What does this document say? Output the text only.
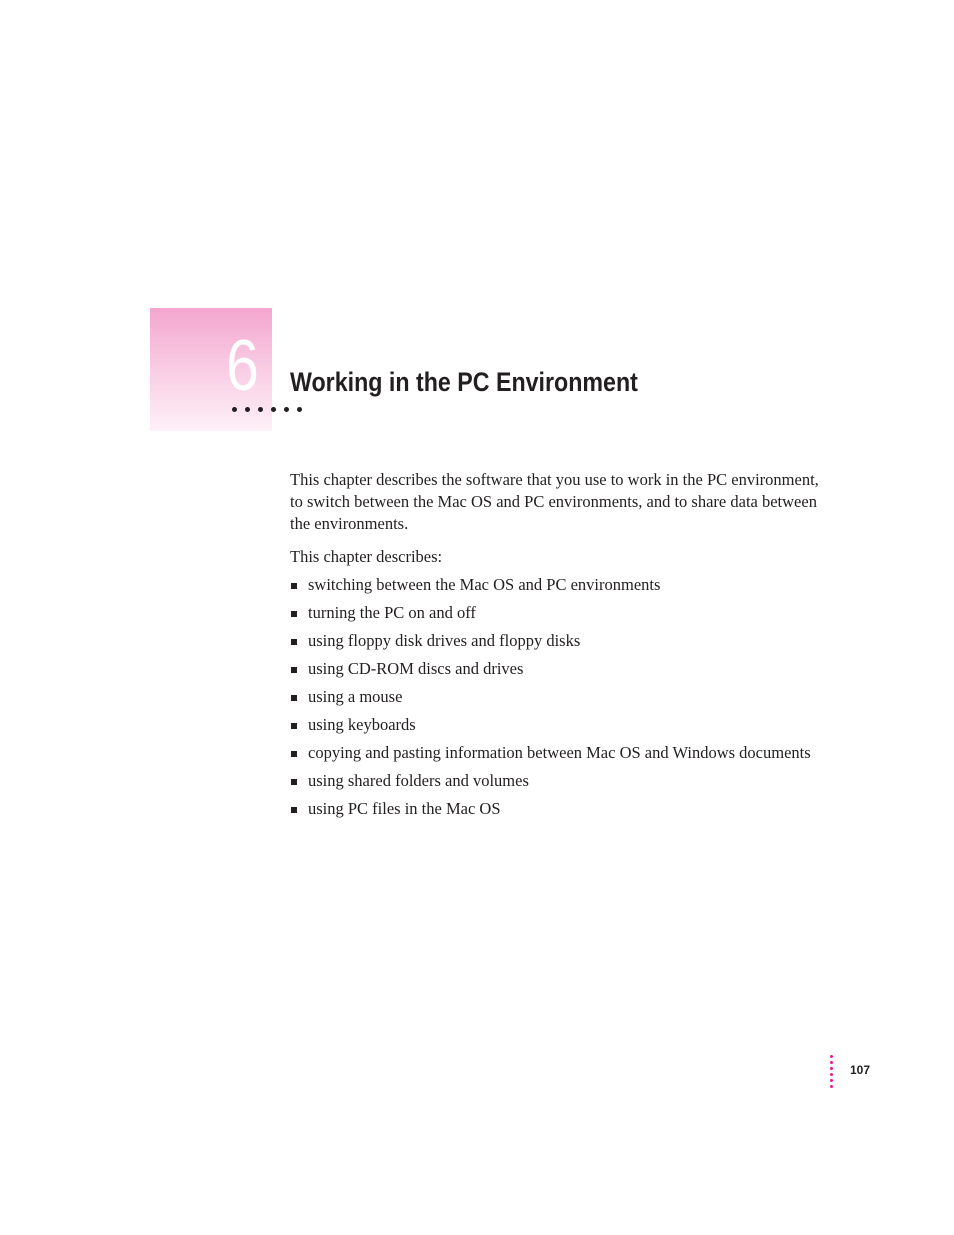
6 Working in the PC Environment

This chapter describes the software that you use to work in the PC environment, to switch between the Mac OS and PC environments, and to share data between the environments.

This chapter describes:

switching between the Mac OS and PC environments
turning the PC on and off
using floppy disk drives and floppy disks
using CD-ROM discs and drives
using a mouse
using keyboards
copying and pasting information between Mac OS and Windows documents
using shared folders and volumes
using PC files in the Mac OS
107
